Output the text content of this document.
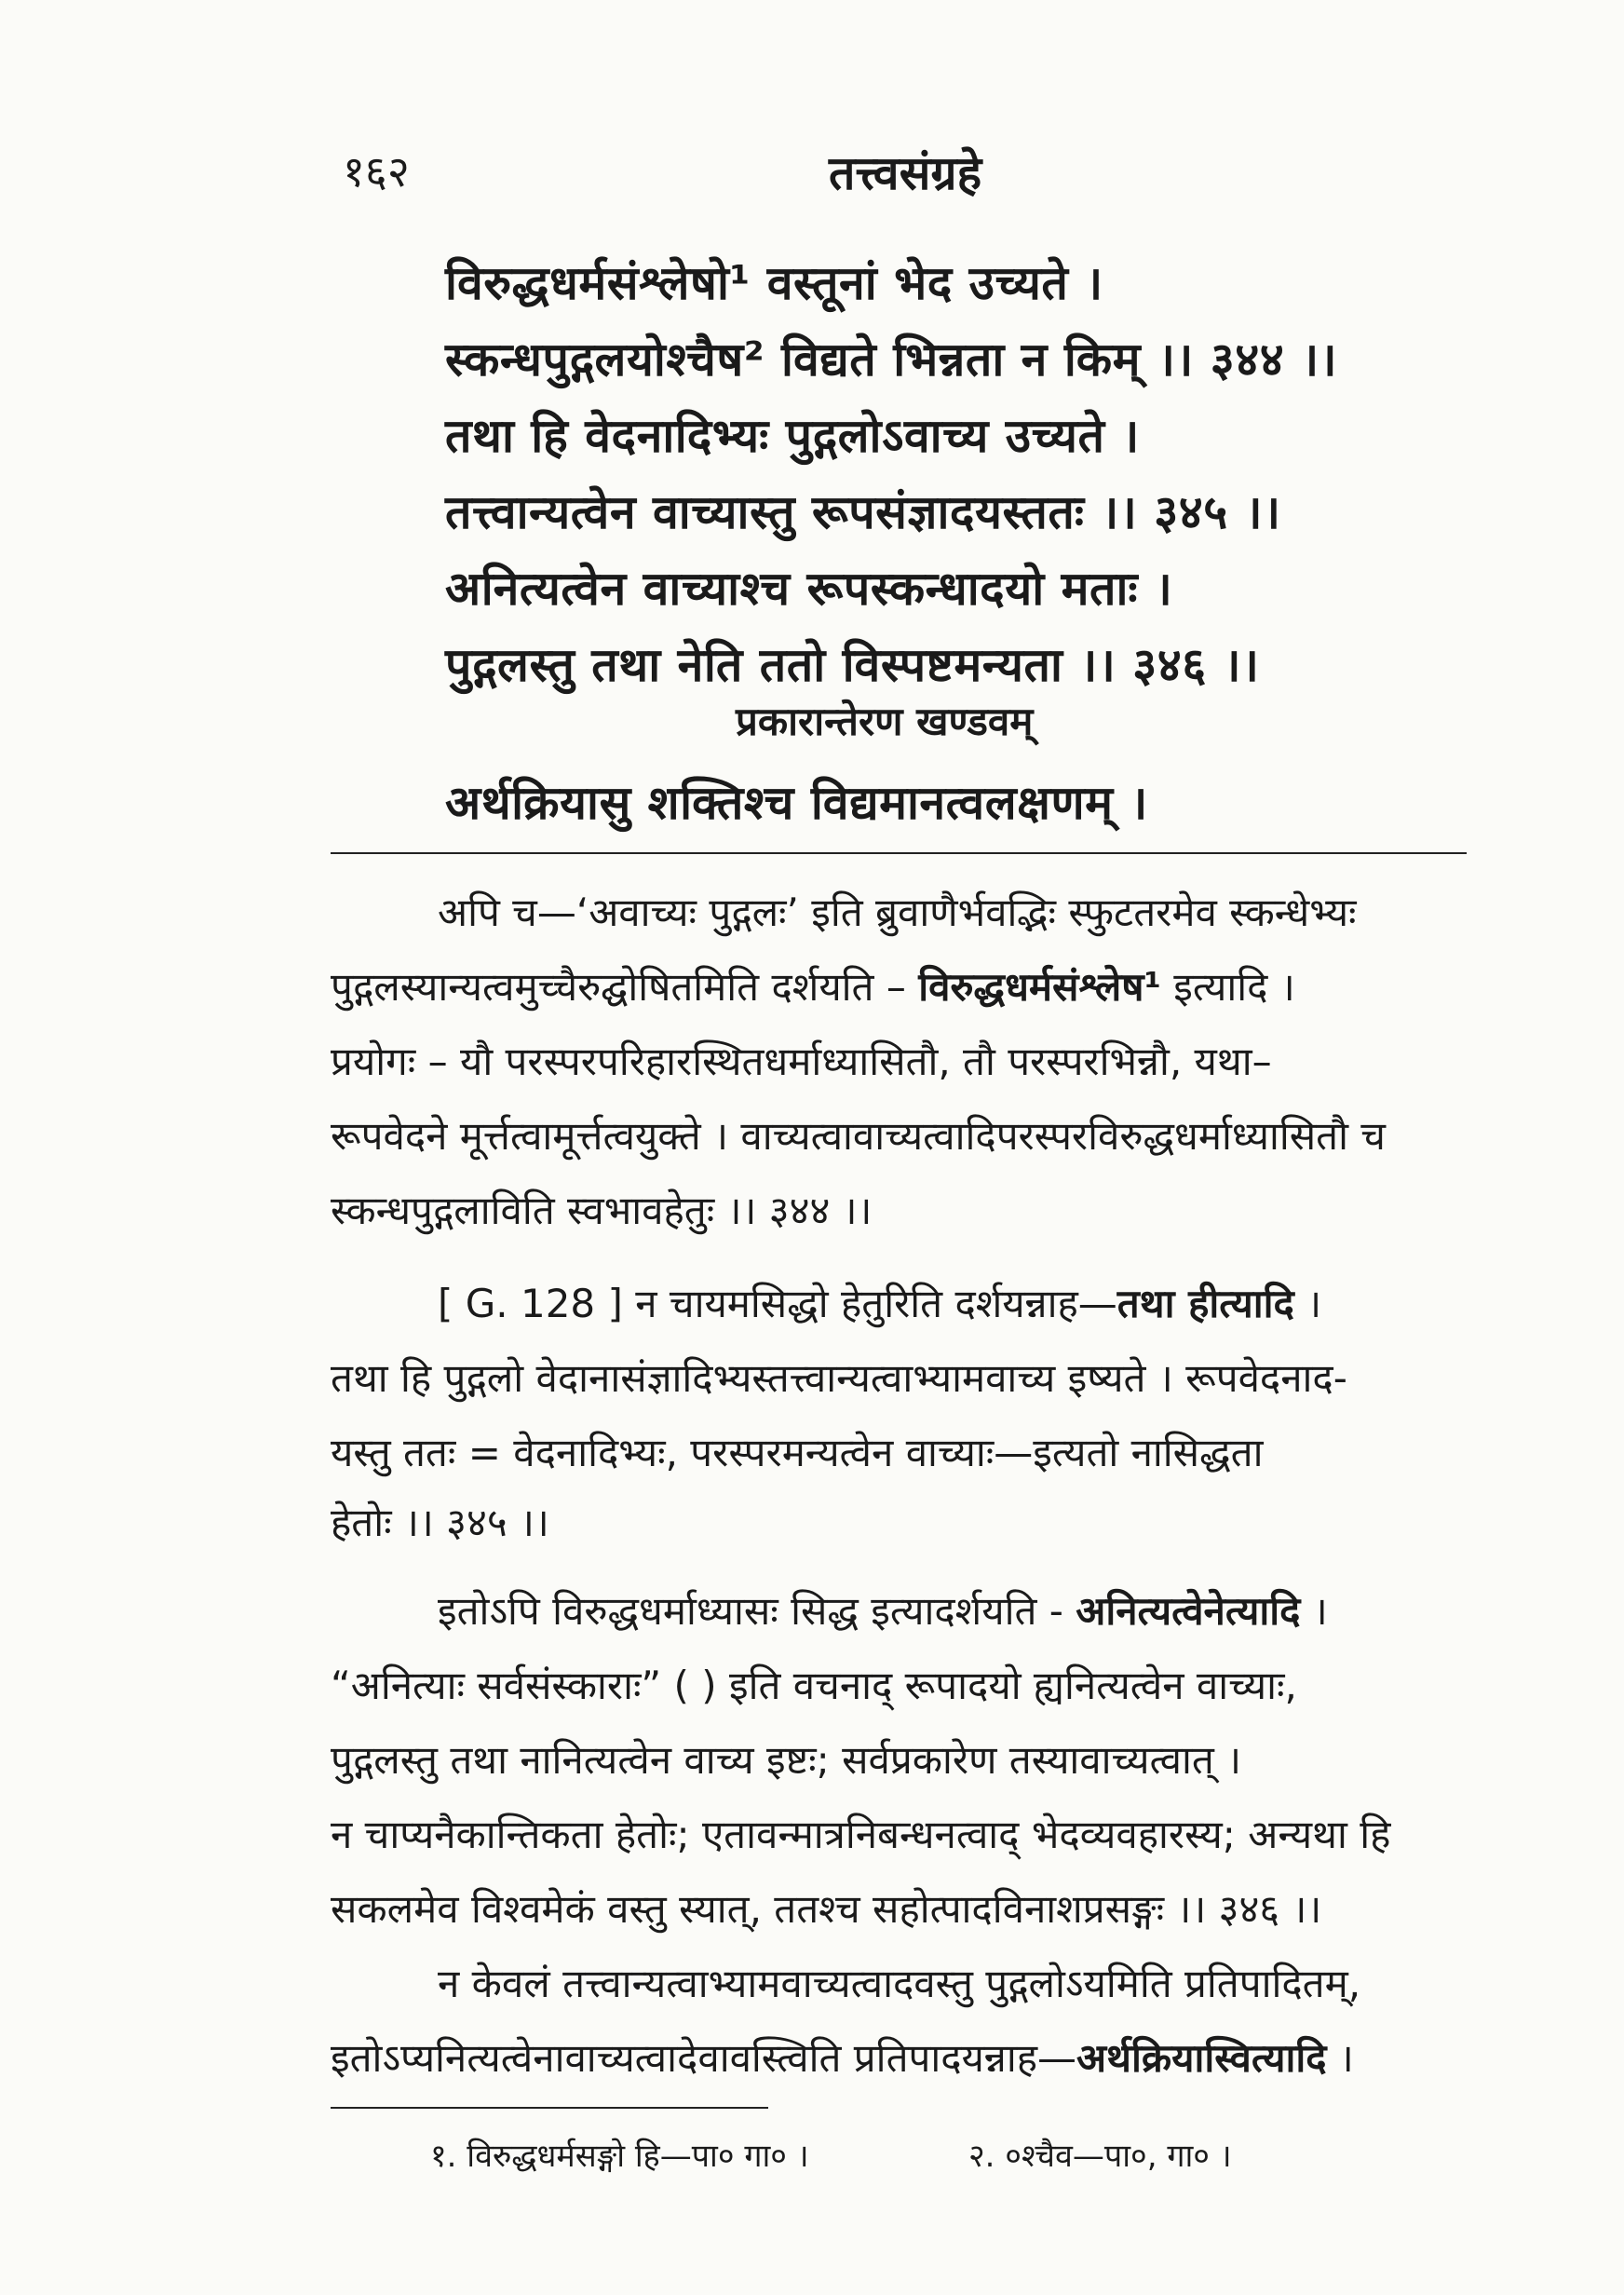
१६२	तत्त्वसंग्रहे
विरुद्धधर्मसंश्लेषो¹ वस्तूनां भेद उच्यते ।
स्कन्धपुद्गलयोश्चैष² विद्यते भिन्नता न किम् ।। ३४४ ।।
तथा हि वेदनादिभ्यः पुद्गलोऽवाच्य उच्यते ।
तत्त्वान्यत्वेन वाच्यास्तु रूपसंज्ञादयस्ततः ।। ३४५ ।।
अनित्यत्वेन वाच्याश्च रूपस्कन्धादयो मताः ।
पुद्गलस्तु तथा नेति ततो विस्पष्टमन्यता ।। ३४६ ।।
प्रकारान्तेरण खण्डवम्
अर्थक्रियासु शक्तिश्च विद्यमानत्वलक्षणम् ।
अपि च—‘अवाच्यः पुद्गलः’ इति ब्रुवाणैर्भवद्भिः स्फुटतरमेव स्कन्धेभ्यः
पुद्गलस्यान्यत्वमुच्चैरुद्घोषितमिति दर्शयति – विरुद्धधर्मसंश्लेष¹ इत्यादि ।
प्रयोगः – यौ परस्परपरिहारस्थितधर्माध्यासितौ, तौ परस्परभिन्नौ, यथा–
रूपवेदने मूर्त्तत्वामूर्त्तत्वयुक्ते । वाच्यत्वावाच्यत्वादिपरस्परविरुद्धधर्माध्यासितौ च
स्कन्धपुद्गलाविति स्वभावहेतुः ।। ३४४ ।।
[ G. 128 ] न चायमसिद्धो हेतुरिति दर्शयन्नाह—तथा हीत्यादि ।
तथा हि पुद्गलो वेदानासंज्ञादिभ्यस्तत्त्वान्यत्वाभ्यामवाच्य इष्यते । रूपवेदनाद-
यस्तु ततः = वेदनादिभ्यः, परस्परमन्यत्वेन वाच्याः—इत्यतो नासिद्धता
हेतोः ।। ३४५ ।।
इतोऽपि विरुद्धधर्माध्यासः सिद्ध इत्यादर्शयति - अनित्यत्वेनेत्यादि ।
“अनित्याः सर्वसंस्काराः” ( ) इति वचनाद् रूपादयो ह्यनित्यत्वेन वाच्याः,
पुद्गलस्तु तथा नानित्यत्वेन वाच्य इष्टः; सर्वप्रकारेण तस्यावाच्यत्वात् ।
न चाप्यनैकान्तिकता हेतोः; एतावन्मात्रनिबन्धनत्वाद् भेदव्यवहारस्य; अन्यथा हि
सकलमेव विश्वमेकं वस्तु स्यात्, ततश्च सहोत्पादविनाशप्रसङ्गः ।। ३४६ ।।
न केवलं तत्त्वान्यत्वाभ्यामवाच्यत्वादवस्तु पुद्गलोऽयमिति प्रतिपादितम्,
इतोऽप्यनित्यत्वेनावाच्यत्वादेवावस्त्विति प्रतिपादयन्नाह—अर्थक्रियास्वित्यादि ।
१. विरुद्धधर्मसङ्गो हि—पा० गा० ।	२. ०श्चैव—पा०, गा० ।
